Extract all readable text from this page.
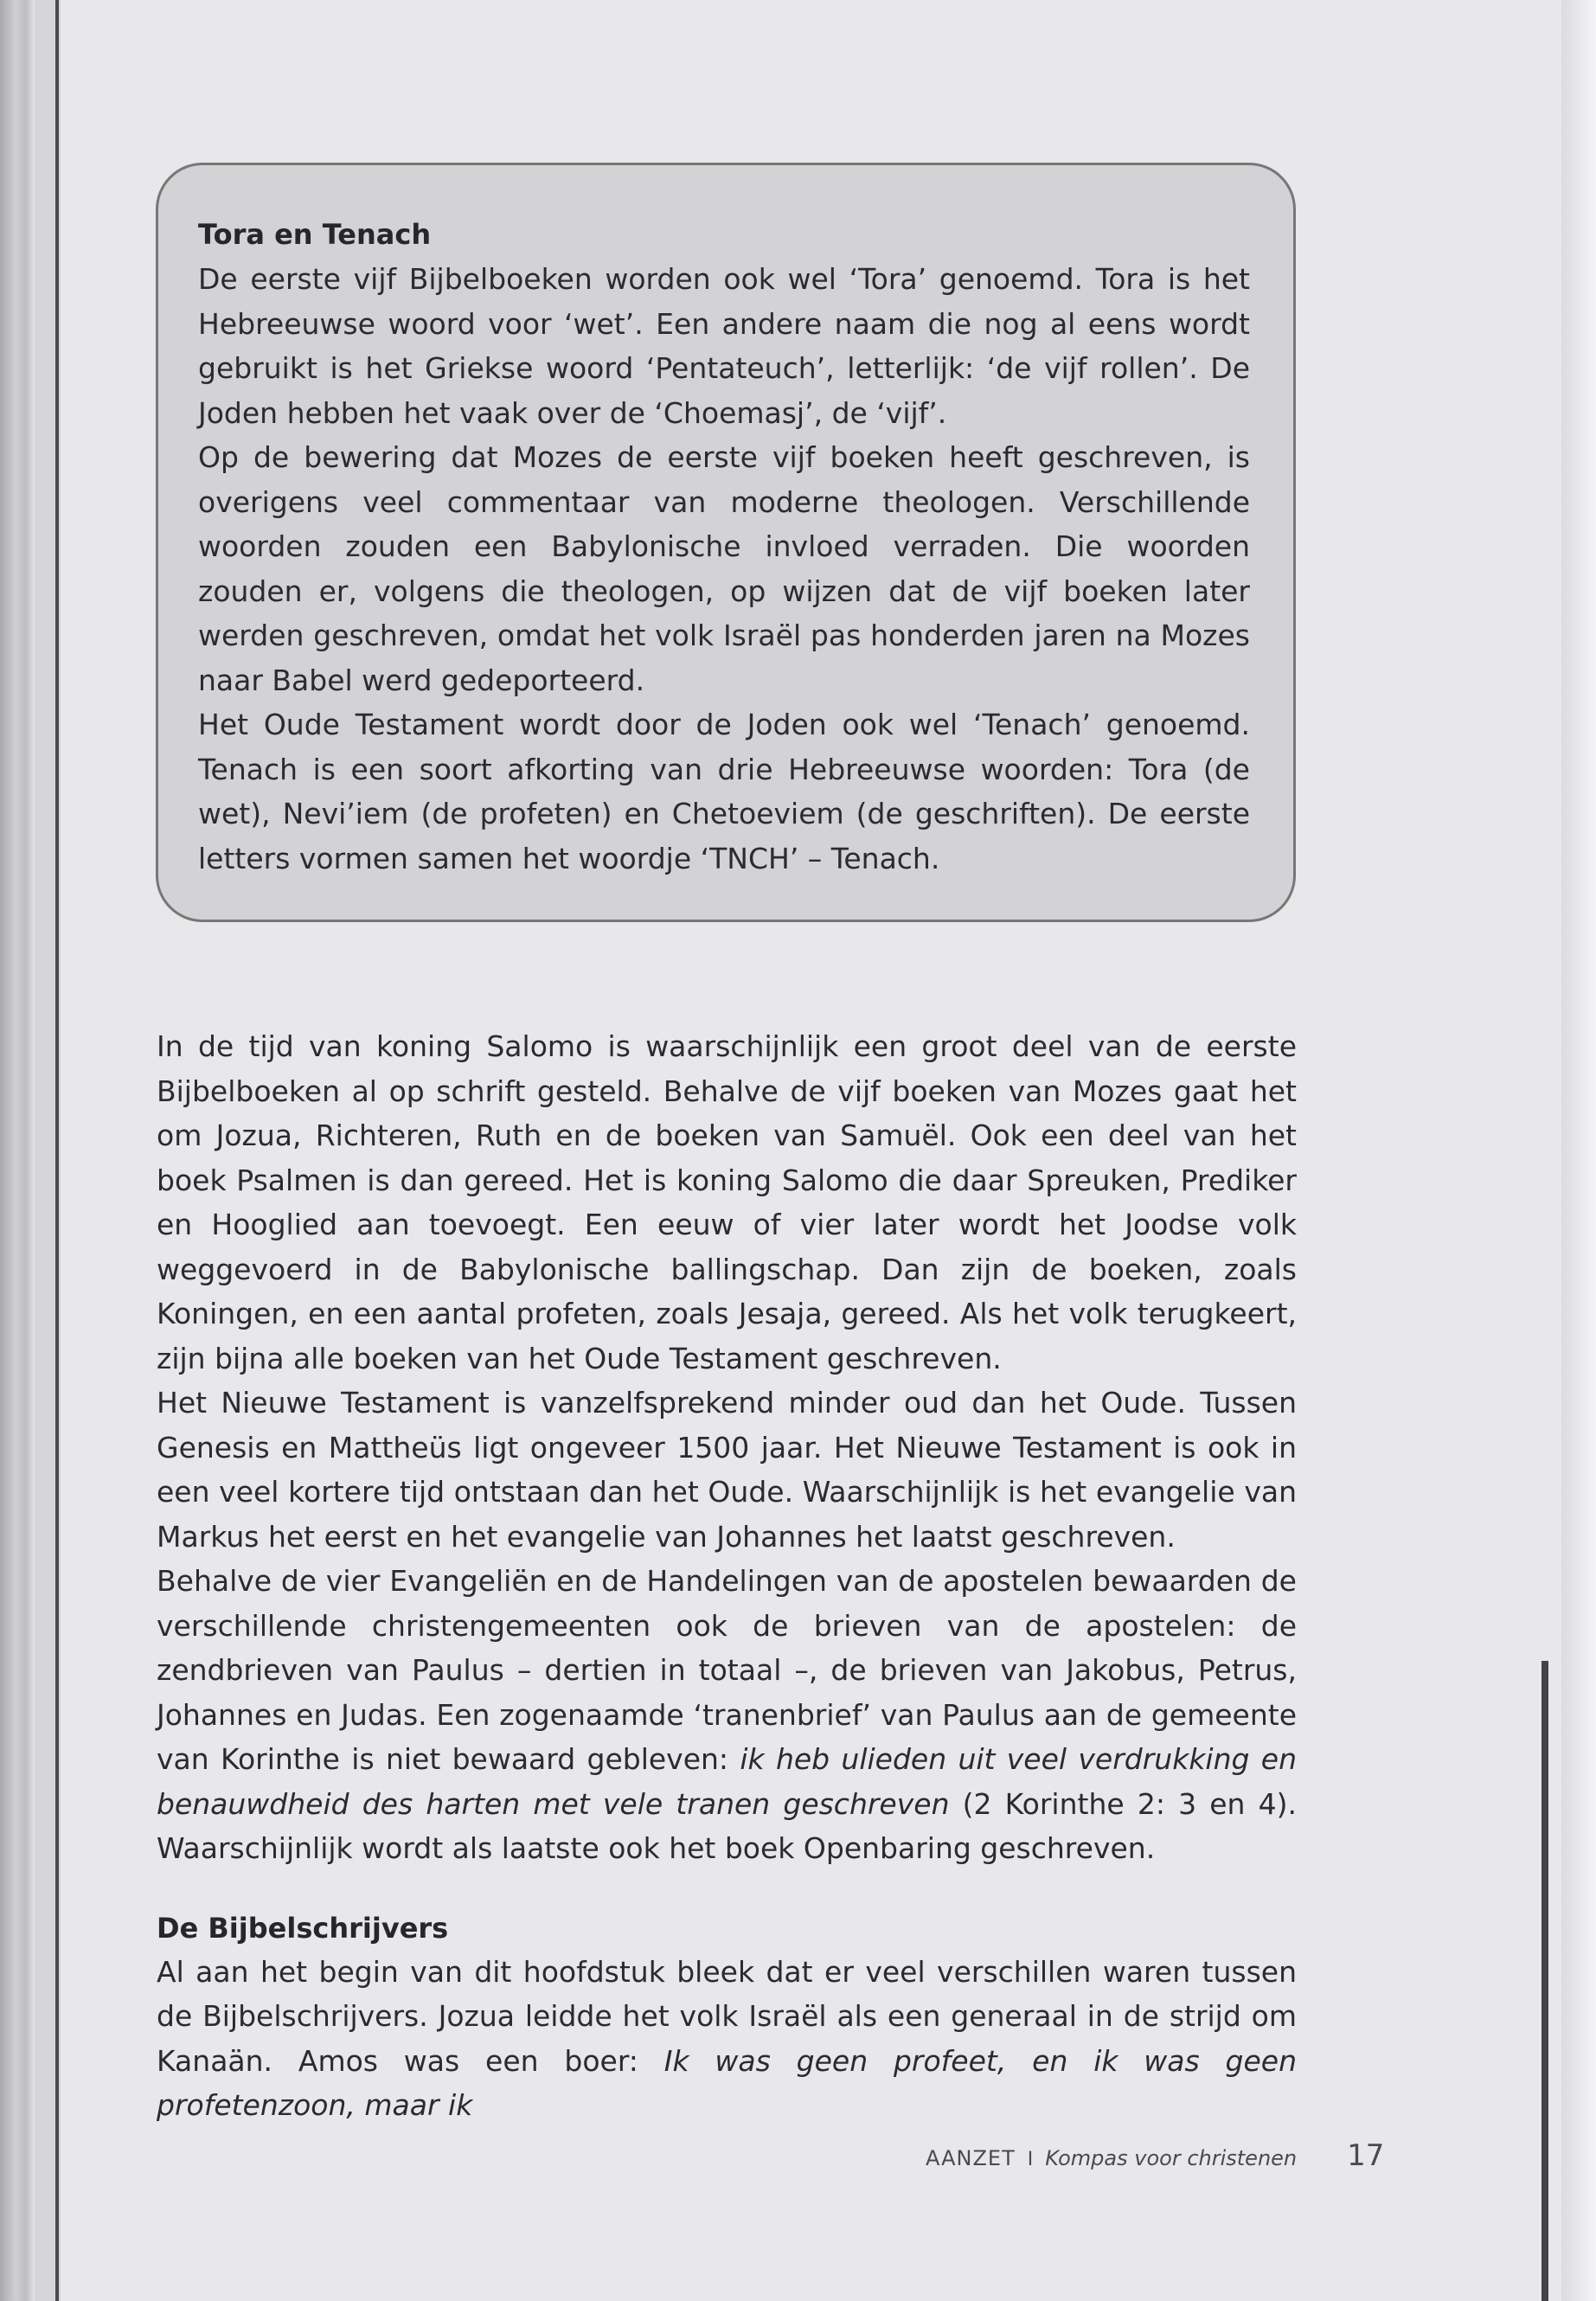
Tora en Tenach

De eerste vijf Bijbelboeken worden ook wel ‘Tora’ genoemd. Tora is het Hebreeuwse woord voor ‘wet’. Een andere naam die nog al eens wordt gebruikt is het Griekse woord ‘Pentateuch’, letterlijk: ‘de vijf rollen’. De Joden hebben het vaak over de ‘Choemasj’, de ‘vijf’.

Op de bewering dat Mozes de eerste vijf boeken heeft geschreven, is overigens veel commentaar van moderne theologen. Verschillende woorden zouden een Babylonische invloed verraden. Die woorden zouden er, volgens die theologen, op wijzen dat de vijf boeken later werden geschreven, omdat het volk Israël pas honderden jaren na Mozes naar Babel werd gedeporteerd.

Het Oude Testament wordt door de Joden ook wel ‘Tenach’ genoemd. Tenach is een soort afkorting van drie Hebreeuwse woorden: Tora (de wet), Nevi’iem (de profeten) en Chetoeviem (de geschriften). De eerste letters vormen samen het woordje ‘TNCH’ – Tenach.

In de tijd van koning Salomo is waarschijnlijk een groot deel van de eerste Bijbelboeken al op schrift gesteld. Behalve de vijf boeken van Mozes gaat het om Jozua, Richteren, Ruth en de boeken van Samuël. Ook een deel van het boek Psalmen is dan gereed. Het is koning Salomo die daar Spreuken, Prediker en Hooglied aan toevoegt. Een eeuw of vier later wordt het Joodse volk weggevoerd in de Babylonische ballingschap. Dan zijn de boeken, zoals Koningen, en een aantal profeten, zoals Jesaja, gereed. Als het volk terugkeert, zijn bijna alle boeken van het Oude Testament geschreven.

Het Nieuwe Testament is vanzelfsprekend minder oud dan het Oude. Tussen Genesis en Mattheüs ligt ongeveer 1500 jaar. Het Nieuwe Testament is ook in een veel kortere tijd ontstaan dan het Oude. Waarschijnlijk is het evangelie van Markus het eerst en het evangelie van Johannes het laatst geschreven.

Behalve de vier Evangeliën en de Handelingen van de apostelen bewaarden de verschillende christengemeenten ook de brieven van de apostelen: de zendbrieven van Paulus – dertien in totaal –, de brieven van Jakobus, Petrus, Johannes en Judas. Een zogenaamde ‘tranenbrief’ van Paulus aan de gemeente van Korinthe is niet bewaard gebleven: ik heb ulieden uit veel verdrukking en benauwdheid des harten met vele tranen geschreven (2 Korinthe 2: 3 en 4). Waarschijnlijk wordt als laatste ook het boek Openbaring geschreven.

De Bijbelschrijvers

Al aan het begin van dit hoofdstuk bleek dat er veel verschillen waren tussen de Bijbelschrijvers. Jozua leidde het volk Israël als een generaal in de strijd om Kanaän. Amos was een boer: Ik was geen profeet, en ik was geen profetenzoon, maar ik

AANZET I Kompas voor christenen 17
